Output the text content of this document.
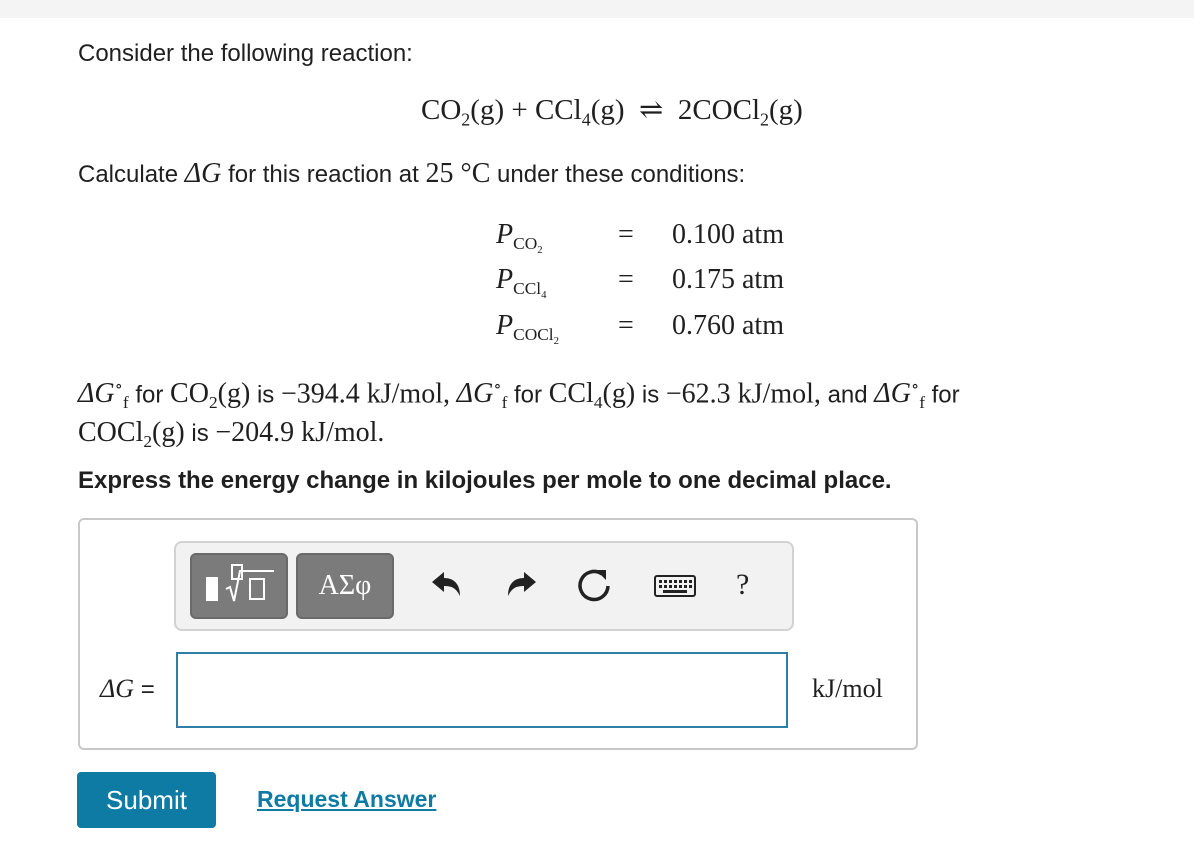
Consider the following reaction:
$CO_2(g) + CCl_4(g)$ ⇌ 2COCl$_2$(g)
Calculate ΔG for this reaction at 25 °C under these conditions:
$P_{CO_2}$	= 0.100 atm
$P_{CCl_4}$	= 0.175 atm
$P_{COCl_2} = 0.760$ atm
$\Delta G^\circ_f$ for $CO_2(g)$ is −394.4 kJ/mol, $\Delta G^\circ_f$ for CCl$_4$(g) is −62.3 kJ/mol, and $\Delta G^\circ_f$ for
COCl$_2$(g) is −204.9 kJ/mol.
Express the energy change in kilojoules per mole to one decimal place.
ΑΣφ	?
ΔG =	kJ/mol
Submit	Request Answer
